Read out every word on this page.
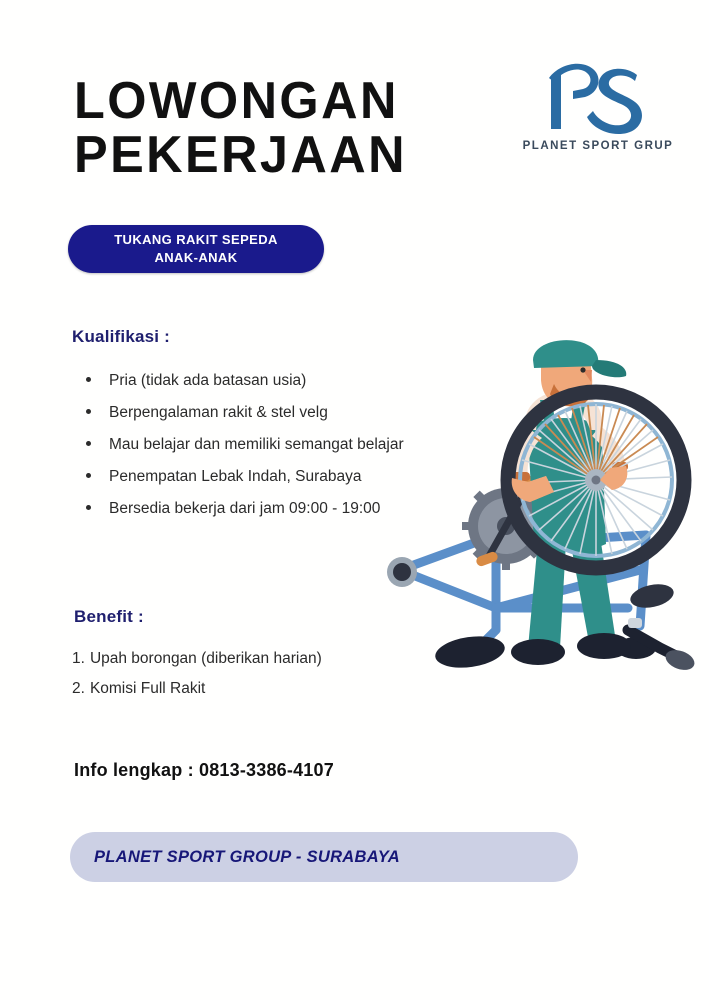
LOWONGAN
PEKERJAAN	PLANET SPORT GRUP
TUKANG RAKIT SEPEDA
ANAK-ANAK
Kualifikasi :
Pria (tidak ada batasan usia)
Berpengalaman rakit & stel velg
Mau belajar dan memiliki semangat belajar
Penempatan Lebak Indah, Surabaya
Bersedia bekerja dari jam 09:00 - 19:00
Benefit :
1. Upah borongan (diberikan harian)
2. Komisi Full Rakit
Info lengkap : 0813-3386-4107
PLANET SPORT GROUP - SURABAYA
